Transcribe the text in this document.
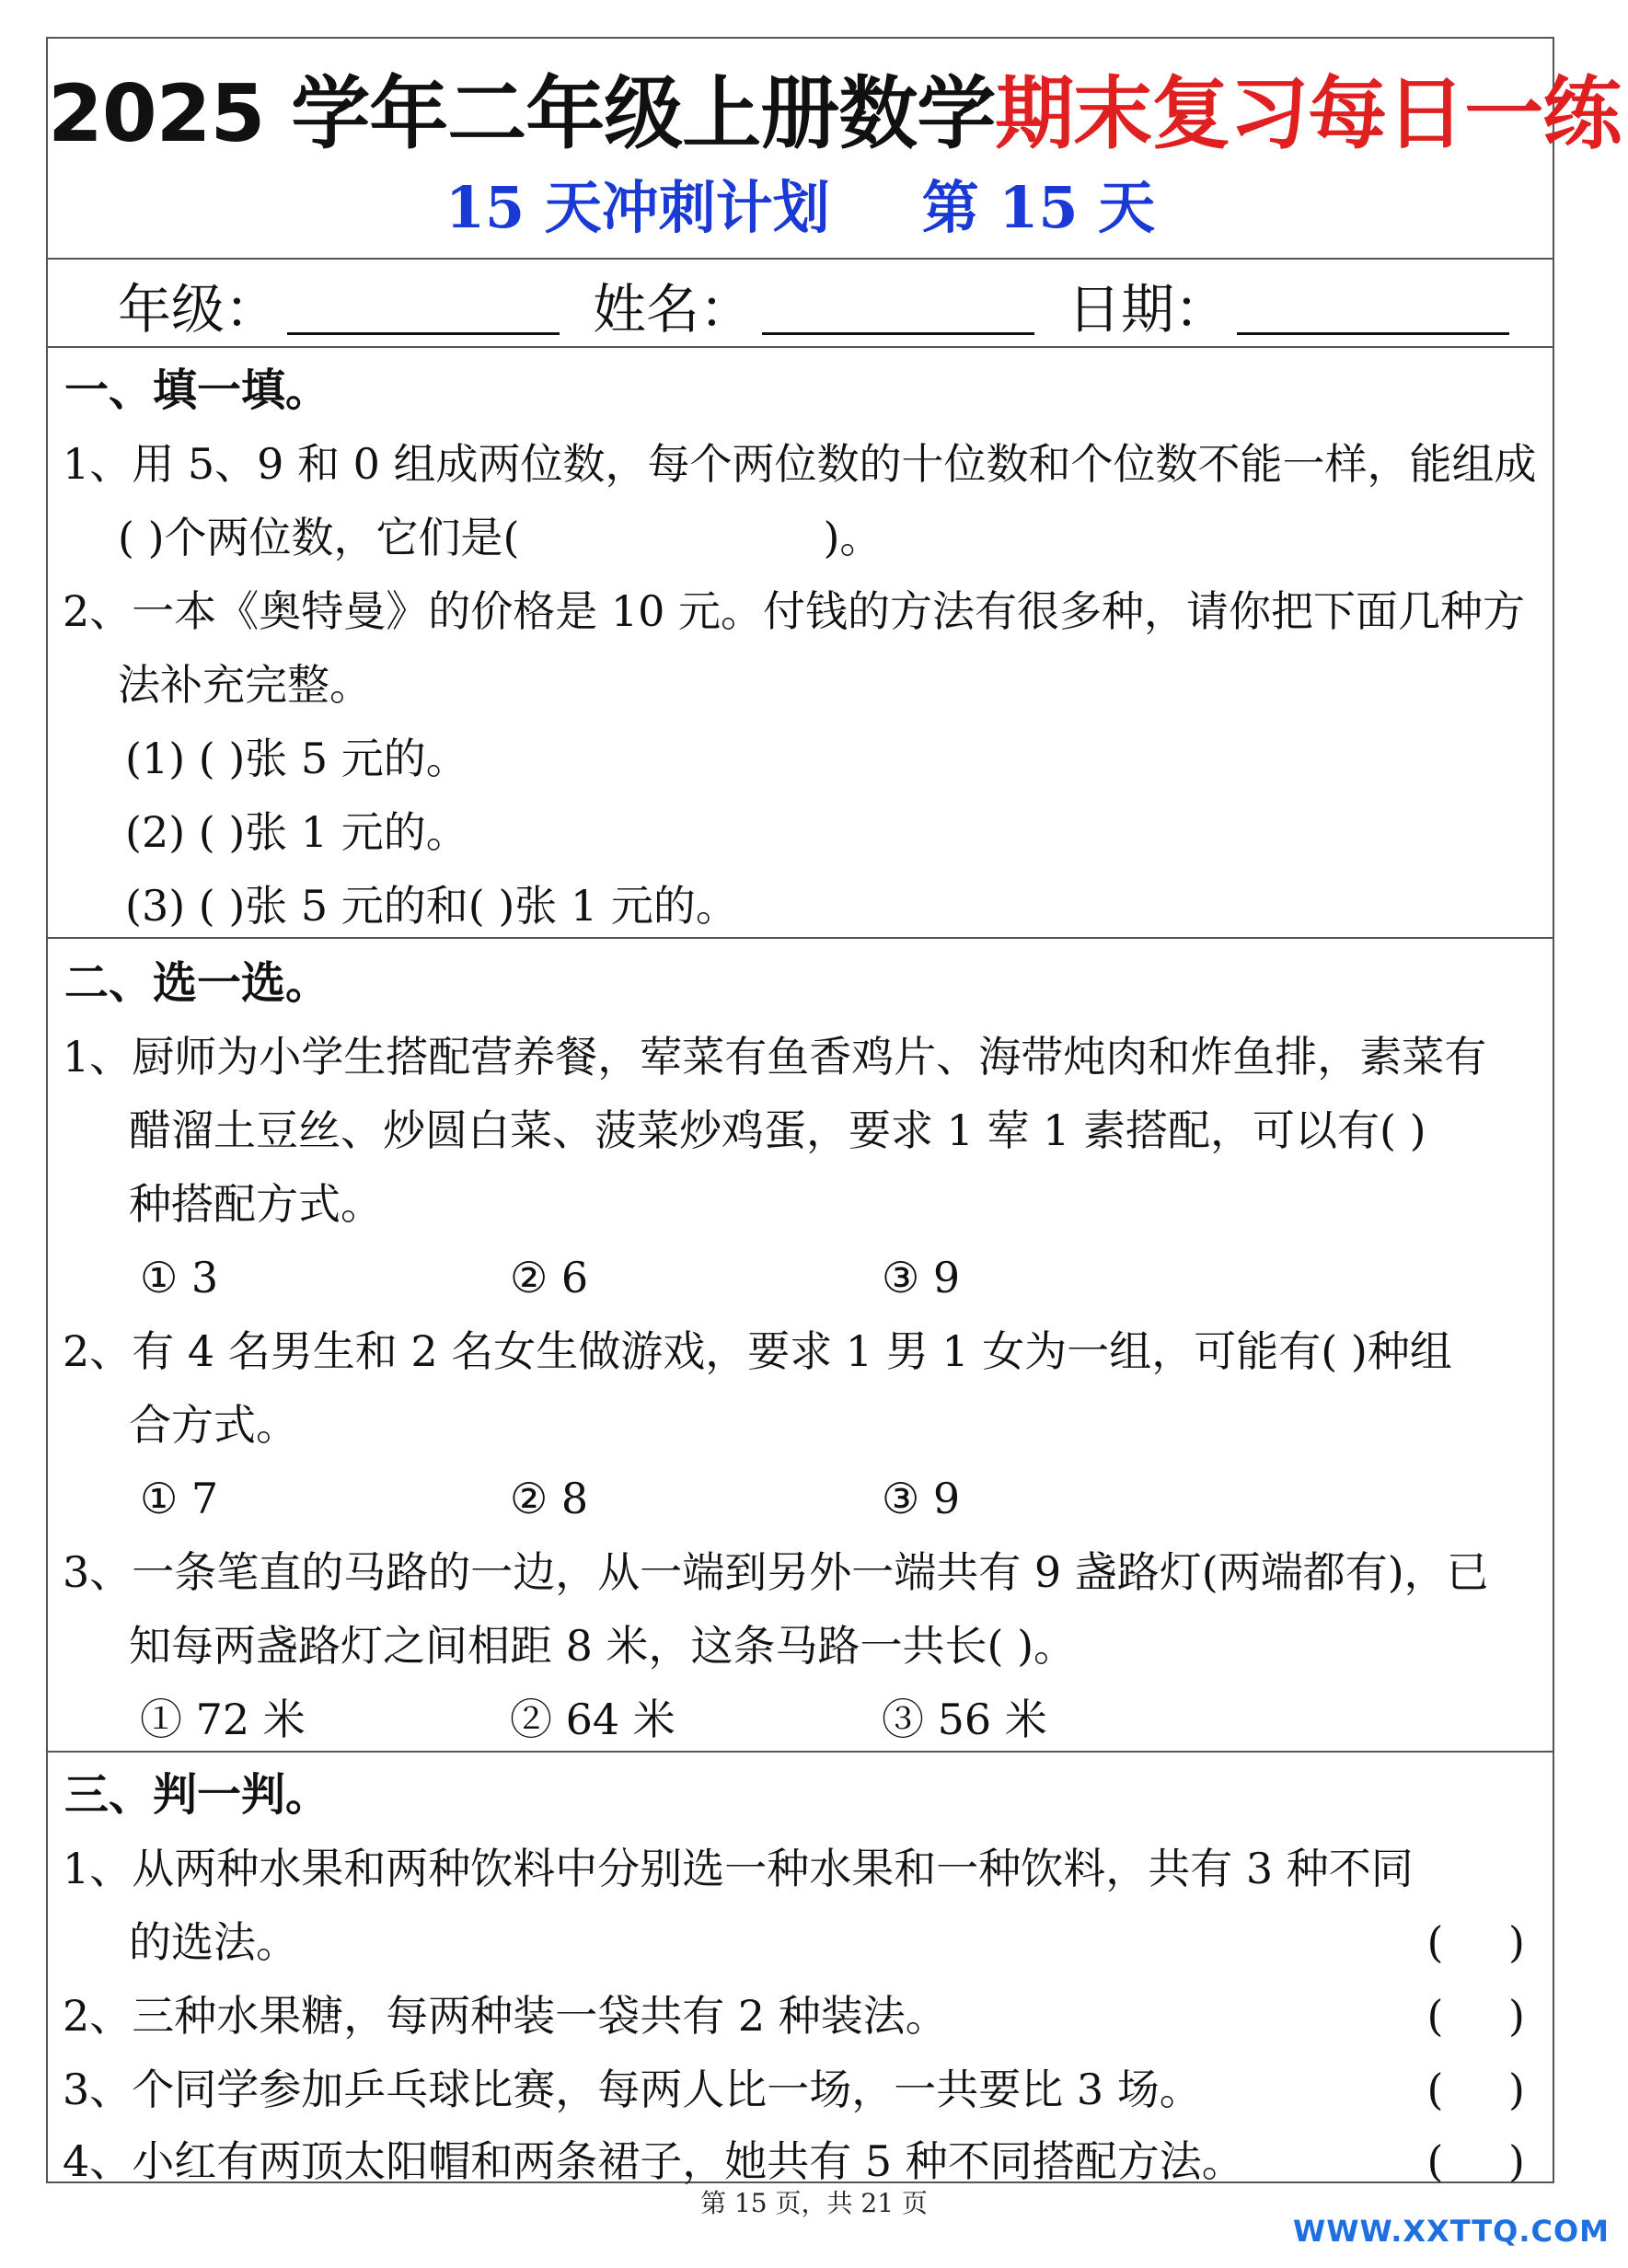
2025 学年二年级上册数学期末复习每日一练
15 天冲刺计划 第 15 天
年级：	姓名：	日期：
一、填一填。
1、用 5、9 和 0 组成两位数，每个两位数的十位数和个位数不能一样，能组成
( )个两位数，它们是(	)。
2、一本《奥特曼》的价格是 10 元。付钱的方法有很多种，请你把下面几种方
法补充完整。
(1) ( )张 5 元的。
(2) ( )张 1 元的。
(3) ( )张 5 元的和( )张 1 元的。
二、选一选。
1、厨师为小学生搭配营养餐，荤菜有鱼香鸡片、海带炖肉和炸鱼排，素菜有
醋溜土豆丝、炒圆白菜、菠菜炒鸡蛋，要求 1 荤 1 素搭配，可以有( )
种搭配方式。
① 3	② 6	③ 9
2、有 4 名男生和 2 名女生做游戏，要求 1 男 1 女为一组，可能有( )种组
合方式。
① 7	② 8	③ 9
3、一条笔直的马路的一边，从一端到另外一端共有 9 盏路灯(两端都有)，已
知每两盏路灯之间相距 8 米，这条马路一共长( )。
① 72 米	② 64 米	③ 56 米
三、判一判。
1、从两种水果和两种饮料中分别选一种水果和一种饮料，共有 3 种不同
的选法。	( )
2、三种水果糖，每两种装一袋共有 2 种装法。	( )
3、个同学参加乒乓球比赛，每两人比一场，一共要比 3 场。	( )
4、小红有两顶太阳帽和两条裙子，她共有 5 种不同搭配方法。	( )
第 15 页，共 21 页
WWW.XXTTQ.COM
